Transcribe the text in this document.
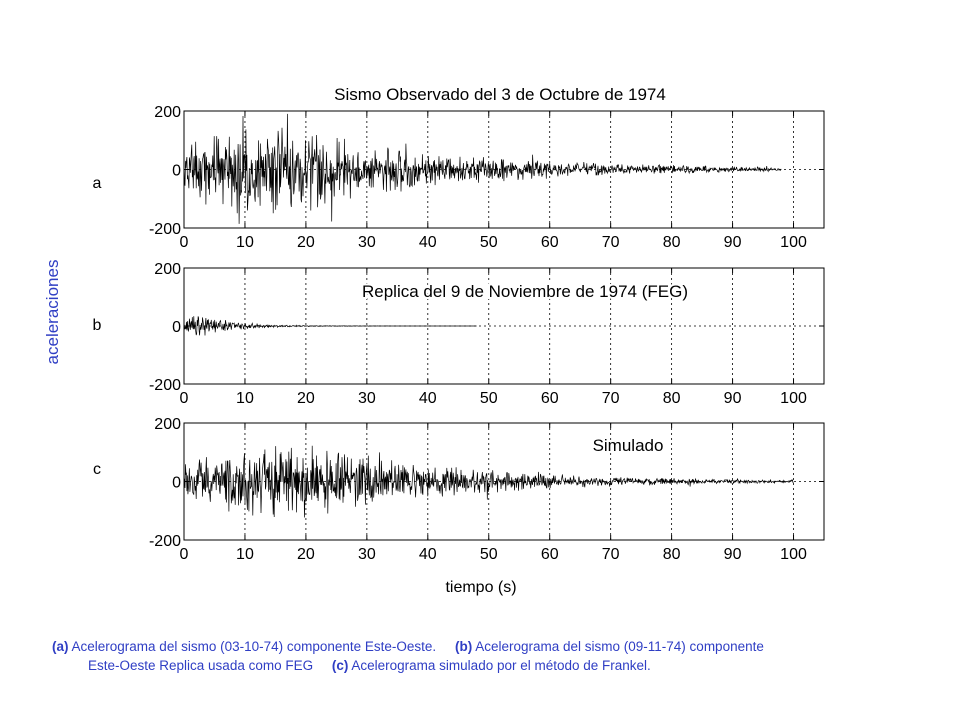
aceleraciones
tiempo (s)
0	10	20	30	40	50	60	70	80	90 100
-200
0
200
Sismo Observado del 3 de Octubre de 1974
a
0	10	20	30	40	50	60	70	80	90 100
-200
0
200
Replica del 9 de Noviembre de 1974 (FEG)
b
0	10	20	30	40	50	60	70	80	90 100
-200
0
200
Simulado
c
(a) Acelerograma del sismo (03-10-74) componente Este-Oeste. (b) Acelerograma del sismo (09-11-74) componente
Este-Oeste Replica usada como FEG (c) Acelerograma simulado por el método de Frankel.
